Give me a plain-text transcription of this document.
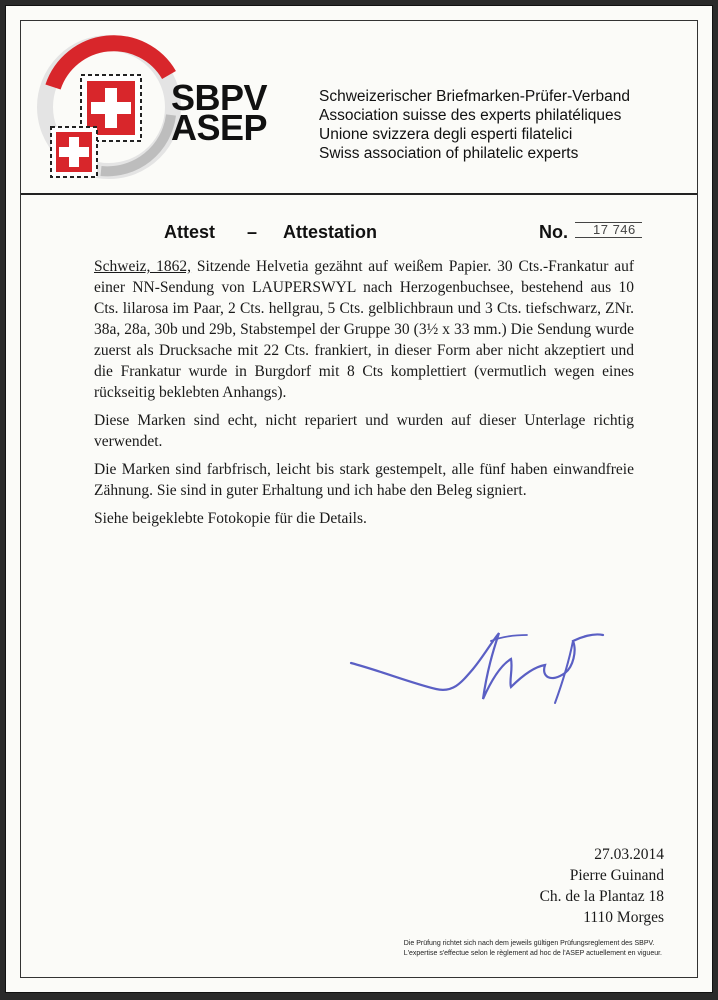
SBPV
ASEP
Schweizerischer Briefmarken-Prüfer-Verband
Association suisse des experts philatéliques
Unione svizzera degli esperti filatelici
Swiss association of philatelic experts
Attest – Attestation	No.	17 746

Schweiz, 1862, Sitzende Helvetia gezähnt auf weißem Papier. 30 Cts.-Frankatur auf einer NN-Sendung von LAUPERSWYL nach Herzogenbuchsee, bestehend aus 10 Cts. lilarosa im Paar, 2 Cts. hellgrau, 5 Cts. gelblichbraun und 3 Cts. tiefschwarz, ZNr. 38a, 28a, 30b und 29b, Stabstempel der Gruppe 30 (3½ x 33 mm.) Die Sendung wurde zuerst als Drucksache mit 22 Cts. frankiert, in dieser Form aber nicht akzeptiert und die Frankatur wurde in Burgdorf mit 8 Cts komplettiert (vermutlich wegen eines rückseitig beklebten Anhangs).

Diese Marken sind echt, nicht repariert und wurden auf dieser Unterlage richtig verwendet.

Die Marken sind farbfrisch, leicht bis stark gestempelt, alle fünf haben einwandfreie Zähnung. Sie sind in guter Erhaltung und ich habe den Beleg signiert.

Siehe beigeklebte Fotokopie für die Details.

27.03.2014
Pierre Guinand
Ch. de la Plantaz 18
1110 Morges
Die Prüfung richtet sich nach dem jeweils gültigen Prüfungsreglement des SBPV.
L'expertise s'effectue selon le règlement ad hoc de l'ASEP actuellement en vigueur.
